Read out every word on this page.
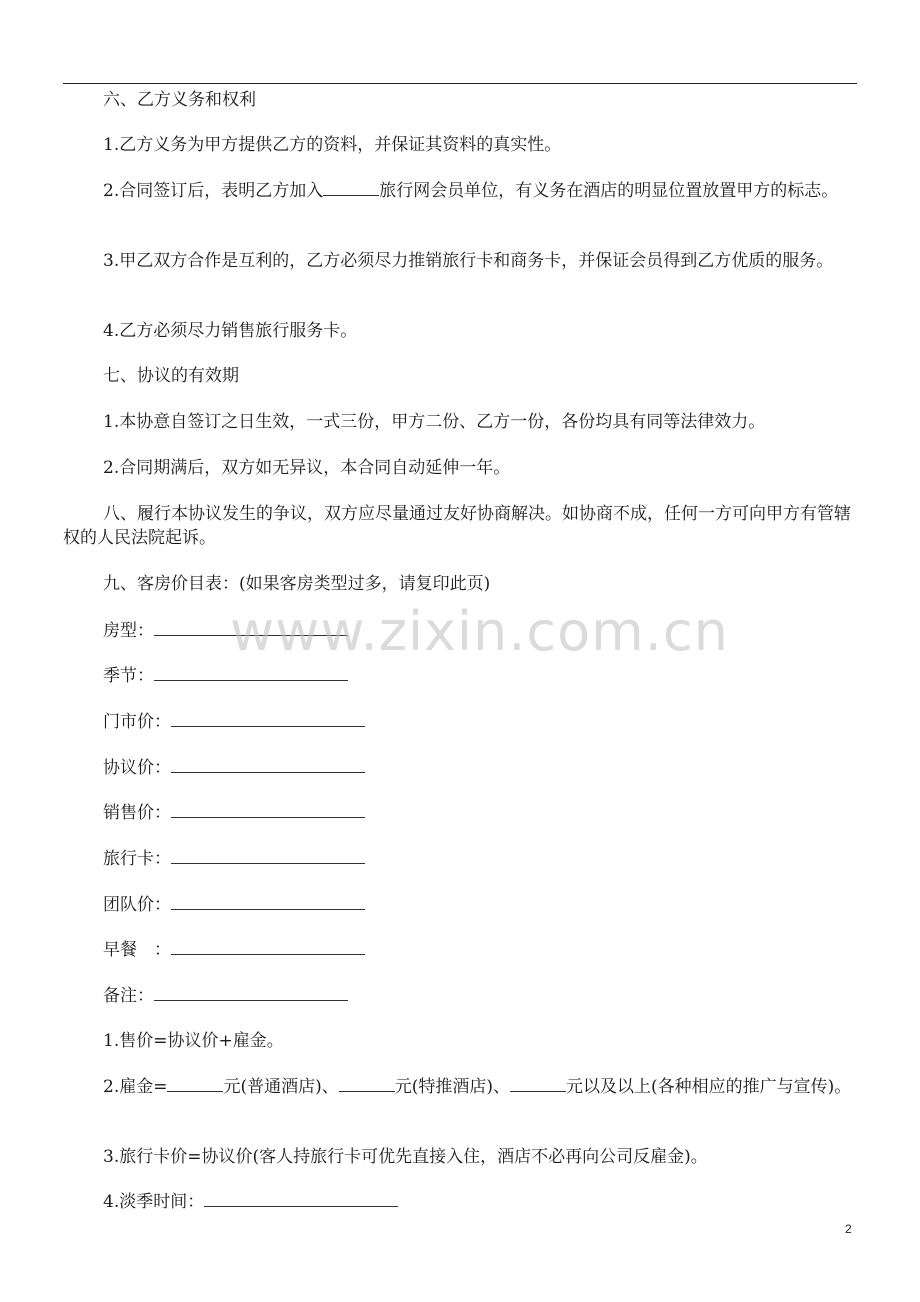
六、乙方义务和权利
1.乙方义务为甲方提供乙方的资料，并保证其资料的真实性。
2.合同签订后，表明乙方加入	旅行网会员单位，有义务在酒店的明显位置放置甲方的标志。
3.甲乙双方合作是互利的，乙方必须尽力推销旅行卡和商务卡，并保证会员得到乙方优质的服务。
4.乙方必须尽力销售旅行服务卡。
七、协议的有效期
1.本协意自签订之日生效，一式三份，甲方二份、乙方一份，各份均具有同等法律效力。
2.合同期满后，双方如无异议，本合同自动延伸一年。
八、履行本协议发生的争议，双方应尽量通过友好协商解决。如协商不成，任何一方可向甲方有管辖权的人民法院起诉。
九、客房价目表：(如果客房类型过多，请复印此页)
房型：
季节：
门市价：
协议价：
销售价：
旅行卡：
团队价：
早餐　：
备注：
1.售价=协议价+雇金。
2.雇金=	元(普通酒店)、	元(特推酒店)、	元以及以上(各种相应的推广与宣传)。
3.旅行卡价=协议价(客人持旅行卡可优先直接入住，酒店不必再向公司反雇金)。
4.淡季时间：
www.zixin.com.cn
2
